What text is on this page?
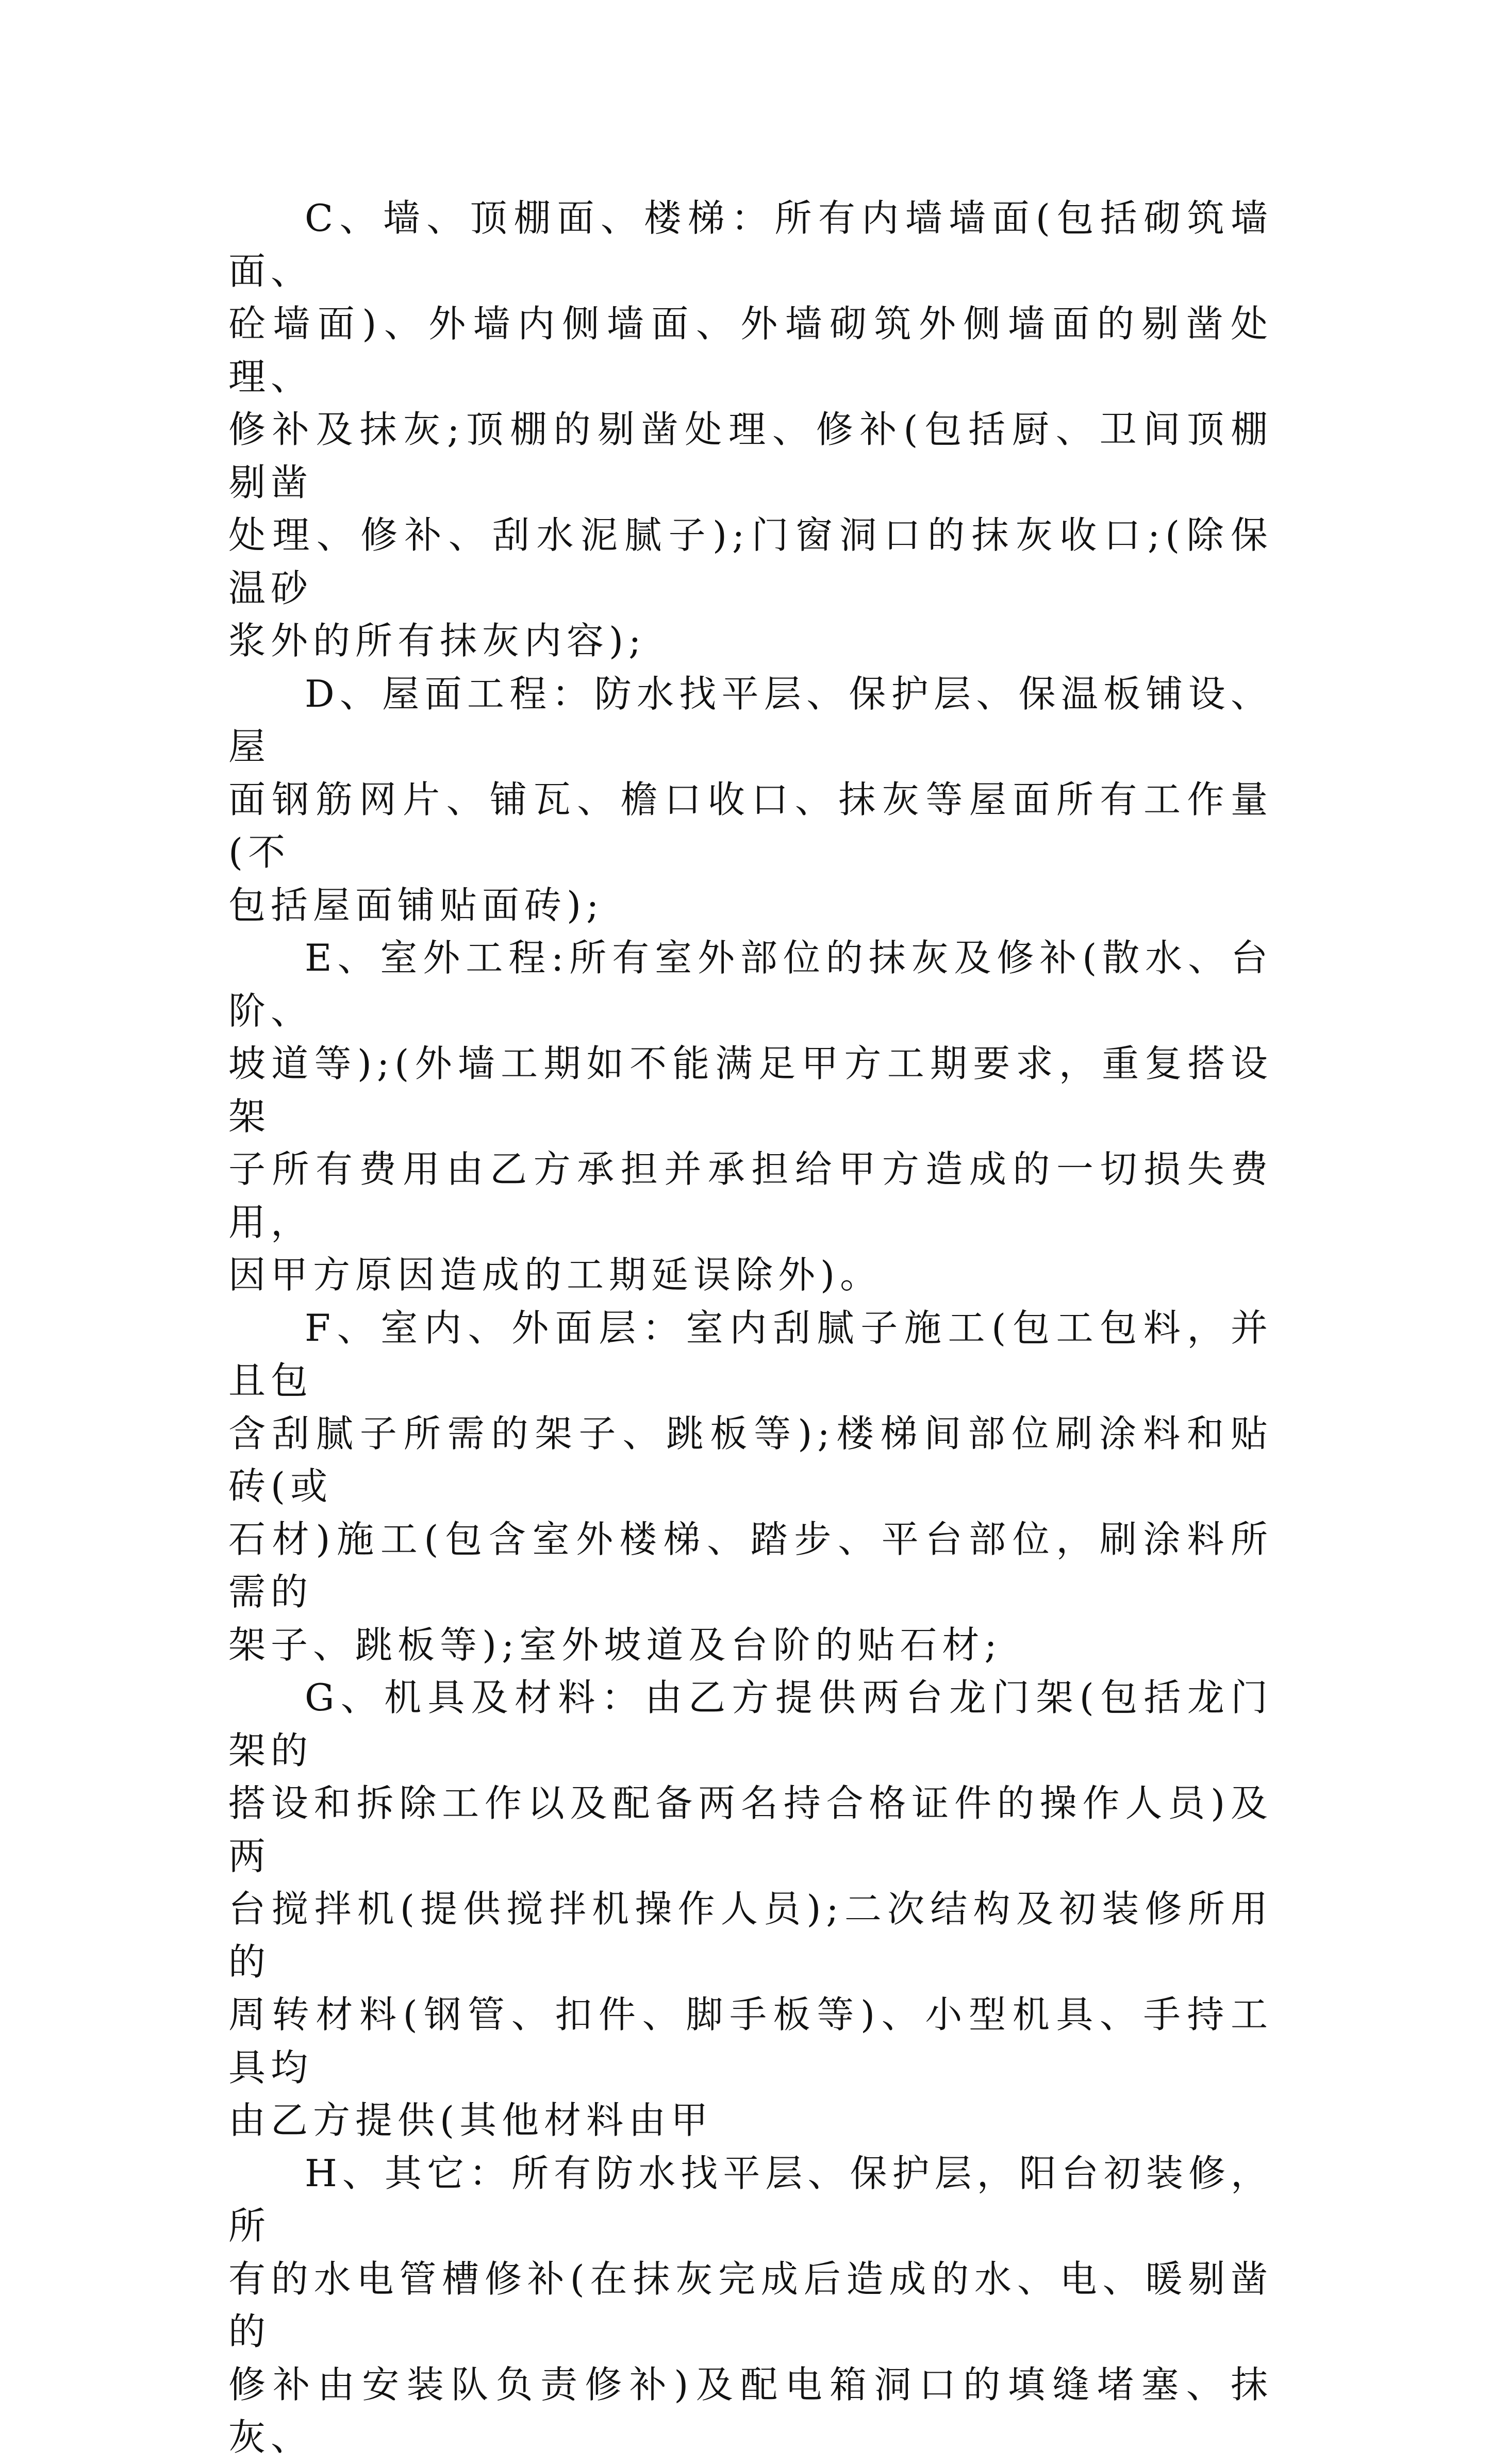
C、墙、顶棚面、楼梯：所有内墙墙面(包括砌筑墙面、
砼墙面)、外墙内侧墙面、外墙砌筑外侧墙面的剔凿处理、
修补及抹灰;顶棚的剔凿处理、修补(包括厨、卫间顶棚剔凿
处理、修补、刮水泥腻子);门窗洞口的抹灰收口;(除保温砂
浆外的所有抹灰内容);

D、屋面工程：防水找平层、保护层、保温板铺设、屋
面钢筋网片、铺瓦、檐口收口、抹灰等屋面所有工作量(不
包括屋面铺贴面砖);

E、室外工程:所有室外部位的抹灰及修补(散水、台阶、
坡道等);(外墙工期如不能满足甲方工期要求，重复搭设架
子所有费用由乙方承担并承担给甲方造成的一切损失费用，
因甲方原因造成的工期延误除外)。

F、室内、外面层：室内刮腻子施工(包工包料，并且包
含刮腻子所需的架子、跳板等);楼梯间部位刷涂料和贴砖(或
石材)施工(包含室外楼梯、踏步、平台部位，刷涂料所需的
架子、跳板等);室外坡道及台阶的贴石材;

G、机具及材料：由乙方提供两台龙门架(包括龙门架的
搭设和拆除工作以及配备两名持合格证件的操作人员)及两
台搅拌机(提供搅拌机操作人员);二次结构及初装修所用的
周转材料(钢管、扣件、脚手板等)、小型机具、手持工具均
由乙方提供(其他材料由甲

H、其它：所有防水找平层、保护层，阳台初装修，所
有的水电管槽修补(在抹灰完成后造成的水、电、暖剔凿的
修补由安装队负责修补)及配电箱洞口的填缝堵塞、抹灰、
